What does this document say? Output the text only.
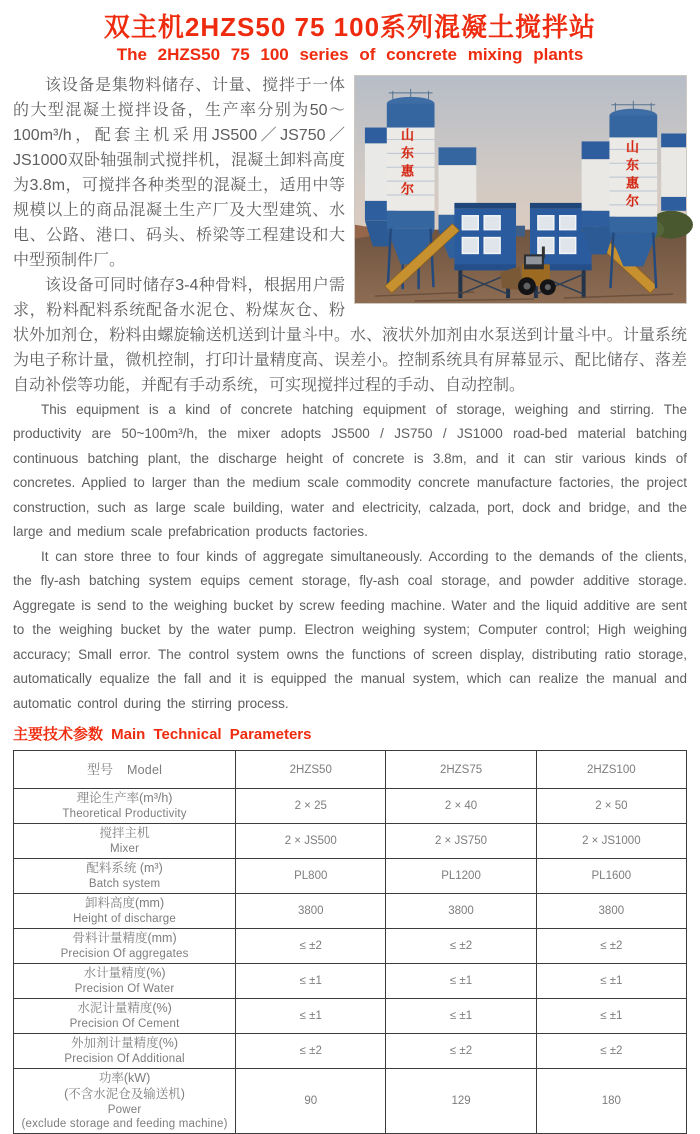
双主机2HZS50 75 100系列混凝土搅拌站
The 2HZS50 75 100 series of concrete mixing plants
山东惠尔	山东惠尔

该设备是集物料储存、计量、搅拌于一体的大型混凝土搅拌设备，生产率分别为50～100m³/h，配套主机采用JS500／JS750／JS1000双卧轴强制式搅拌机，混凝土卸料高度为3.8m，可搅拌各种类型的混凝土，适用中等规模以上的商品混凝土生产厂及大型建筑、水电、公路、港口、码头、桥梁等工程建设和大中型预制件厂。

该设备可同时储存3-4种骨料，根据用户需求，粉料配料系统配备水泥仓、粉煤灰仓、粉状外加剂仓，粉料由螺旋输送机送到计量斗中。水、液状外加剂由水泵送到计量斗中。计量系统为电子称计量，微机控制，打印计量精度高、误差小。控制系统具有屏幕显示、配比储存、落差自动补偿等功能，并配有手动系统，可实现搅拌过程的手动、自动控制。

This equipment is a kind of concrete hatching equipment of storage, weighing and stirring. The productivity are 50~100m³/h, the mixer adopts JS500 / JS750 / JS1000 road-bed material batching continuous batching plant, the discharge height of concrete is 3.8m, and it can stir various kinds of concretes. Applied to larger than the medium scale commodity concrete manufacture factories, the project construction, such as large scale building, water and electricity, calzada, port, dock and bridge, and the large and medium scale prefabrication products factories.

It can store three to four kinds of aggregate simultaneously. According to the demands of the clients, the fly-ash batching system equips cement storage, fly-ash coal storage, and powder additive storage. Aggregate is send to the weighing bucket by screw feeding machine. Water and the liquid additive are sent to the weighing bucket by the water pump. Electron weighing system; Computer control; High weighing accuracy; Small error. The control system owns the functions of screen display, distributing ratio storage, automatically equalize the fall and it is equipped the manual system, which can realize the manual and automatic control during the stirring process.

主要技术参数 Main Technical Parameters
型号 Model	2HZS50	2HZS75	2HZS100

理论生产率(m³/h)
Theoretical Productivity	2 × 25	2 × 40	2 × 50

搅拌主机
Mixer	2 × JS500	2 × JS750	2 × JS1000

配料系统 (m³)
Batch system	PL800	PL1200	PL1600

卸料高度(mm)
Height of discharge	3800	3800	3800

骨料计量精度(mm)
Precision Of aggregates	≤ ±2	≤ ±2	≤ ±2

水计量精度(%)
Precision Of Water	≤ ±1	≤ ±1	≤ ±1

水泥计量精度(%)
Precision Of Cement	≤ ±1	≤ ±1	≤ ±1

外加剂计量精度(%)
Precision Of Additional	≤ ±2	≤ ±2	≤ ±2

功率(kW)
(不含水泥仓及输送机)
Power
(exclude storage and feeding machine)	90	129	180
